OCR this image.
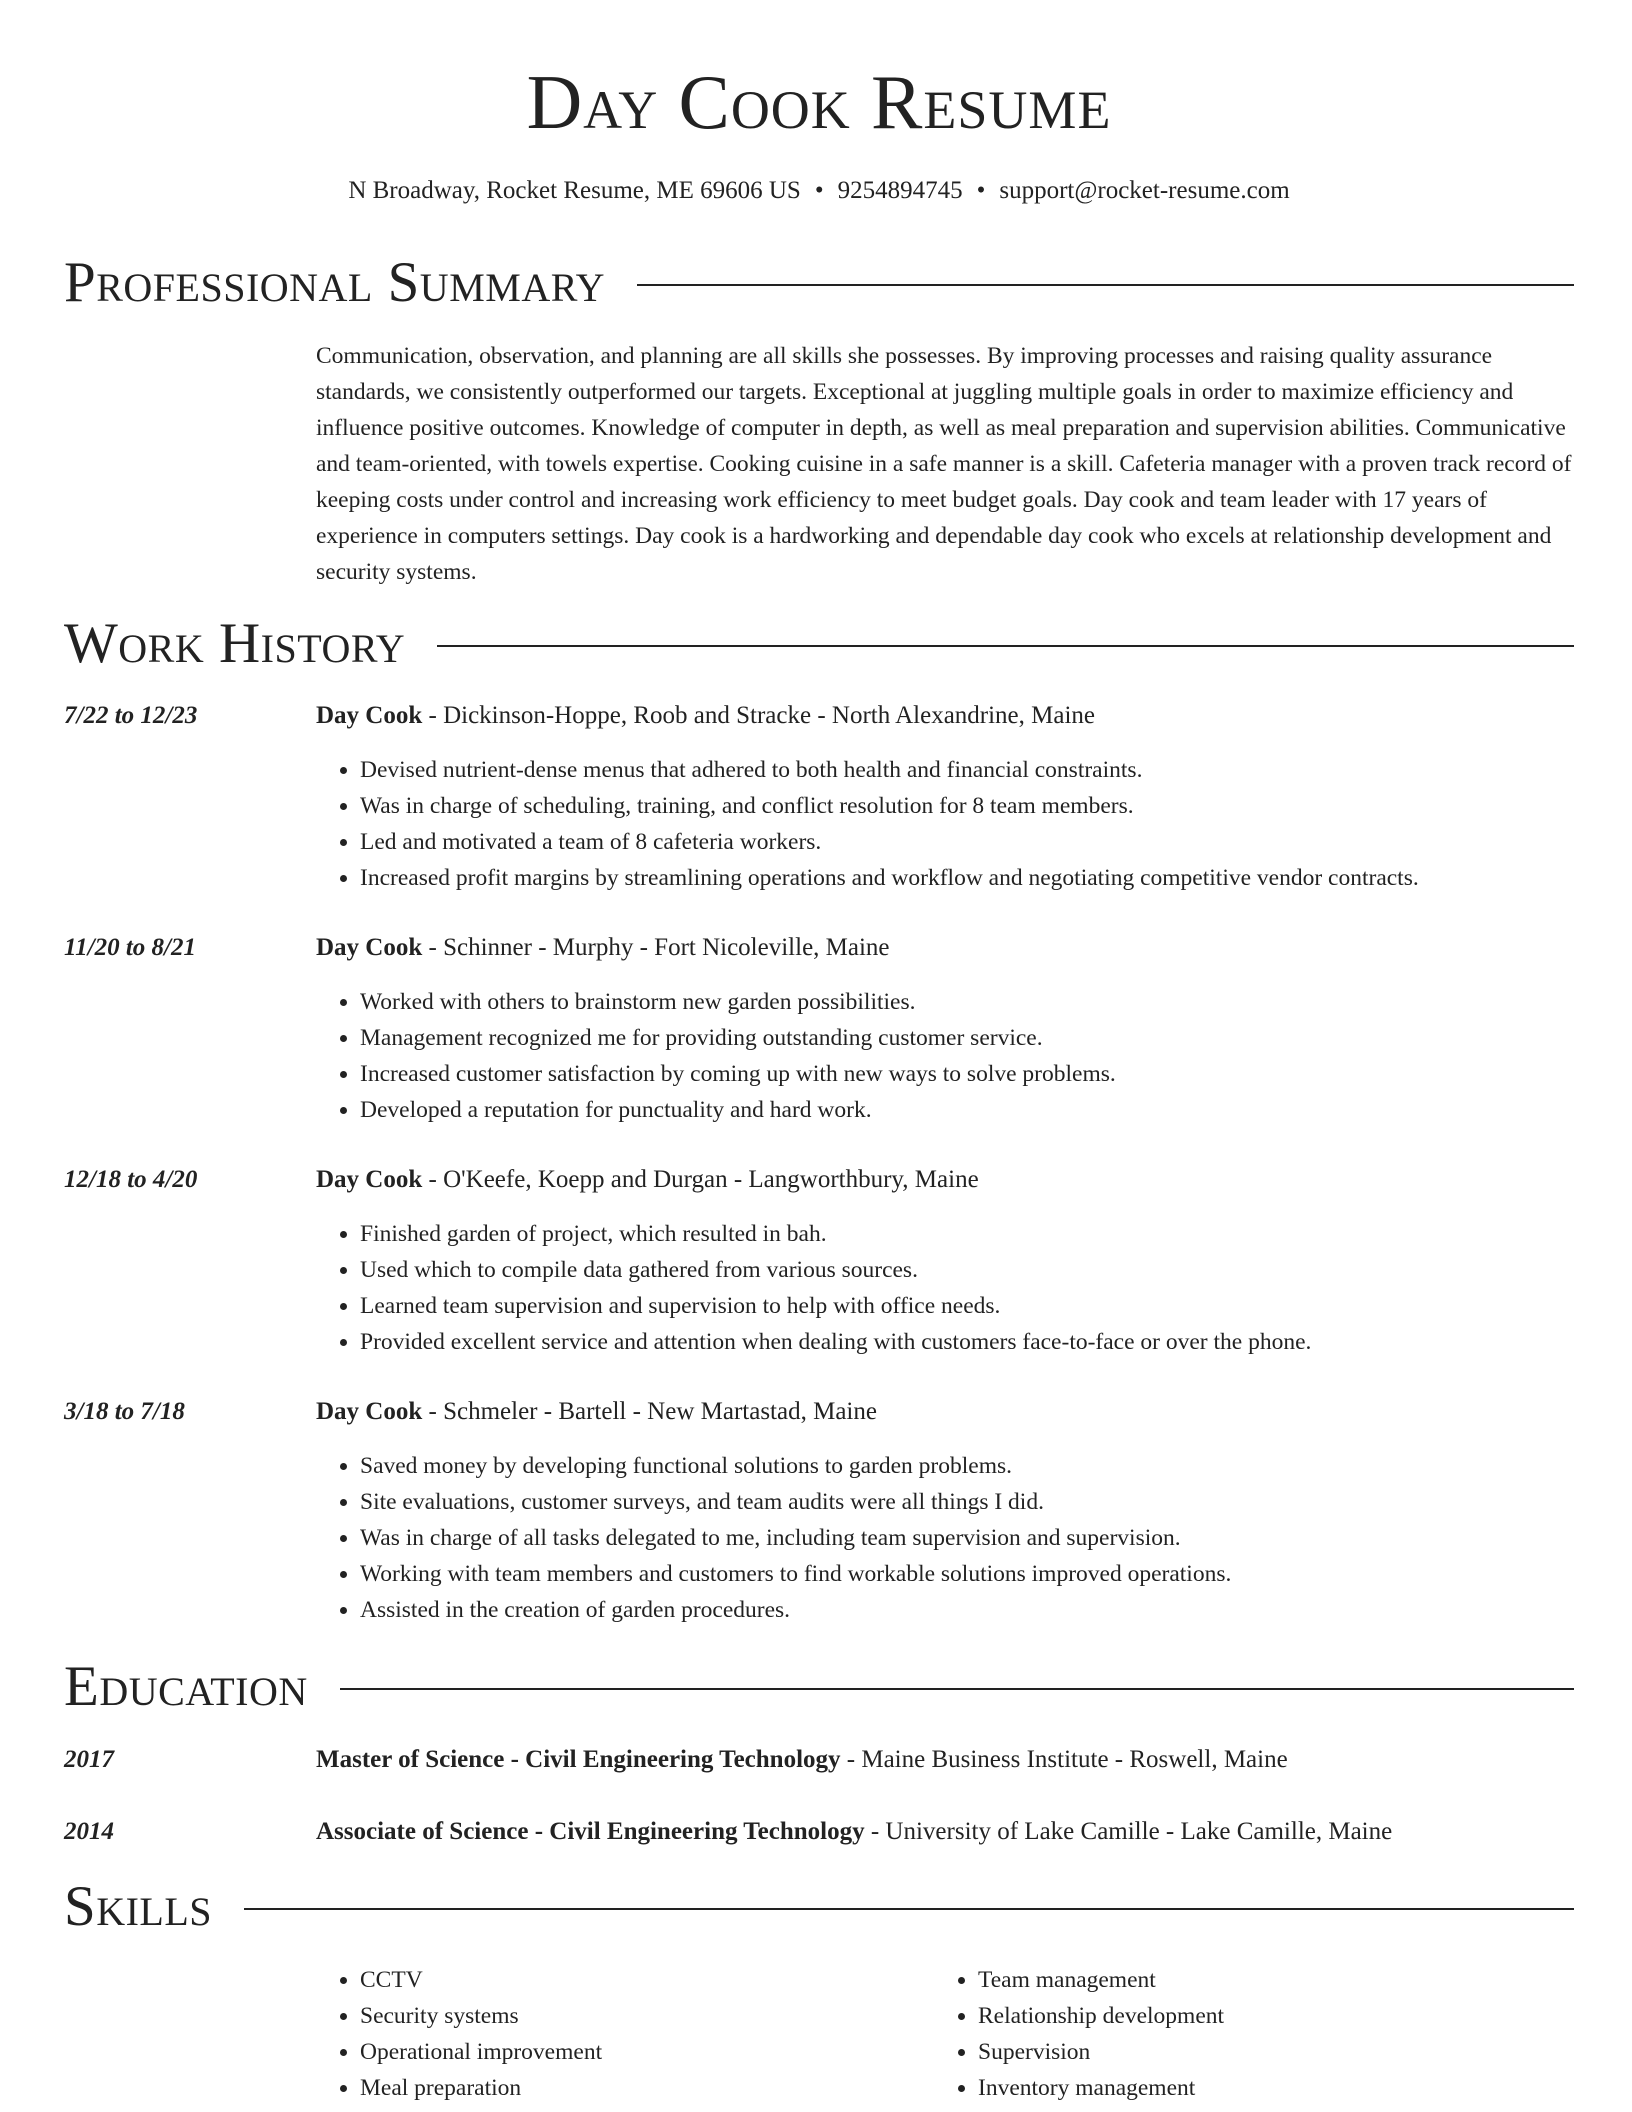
Day Cook Resume
N Broadway, Rocket Resume, ME 69606 US • 9254894745 • support@rocket-resume.com
Professional Summary

Communication, observation, and planning are all skills she possesses. By improving processes and raising quality assurance standards, we consistently outperformed our targets. Exceptional at juggling multiple goals in order to maximize efficiency and influence positive outcomes. Knowledge of computer in depth, as well as meal preparation and supervision abilities. Communicative and team-oriented, with towels expertise. Cooking cuisine in a safe manner is a skill. Cafeteria manager with a proven track record of keeping costs under control and increasing work efficiency to meet budget goals. Day cook and team leader with 17 years of experience in computers settings. Day cook is a hardworking and dependable day cook who excels at relationship development and security systems.

Work History
7/22 to 12/23	Day Cook - Dickinson-Hoppe, Roob and Stracke - North Alexandrine, Maine
• Devised nutrient-dense menus that adhered to both health and financial constraints.
• Was in charge of scheduling, training, and conflict resolution for 8 team members.
• Led and motivated a team of 8 cafeteria workers.
• Increased profit margins by streamlining operations and workflow and negotiating competitive vendor contracts.
11/20 to 8/21	Day Cook - Schinner - Murphy - Fort Nicoleville, Maine
• Worked with others to brainstorm new garden possibilities.
• Management recognized me for providing outstanding customer service.
• Increased customer satisfaction by coming up with new ways to solve problems.
• Developed a reputation for punctuality and hard work.
12/18 to 4/20	Day Cook - O'Keefe, Koepp and Durgan - Langworthbury, Maine
• Finished garden of project, which resulted in bah.
• Used which to compile data gathered from various sources.
• Learned team supervision and supervision to help with office needs.
• Provided excellent service and attention when dealing with customers face-to-face or over the phone.
3/18 to 7/18	Day Cook - Schmeler - Bartell - New Martastad, Maine
• Saved money by developing functional solutions to garden problems.
• Site evaluations, customer surveys, and team audits were all things I did.
• Was in charge of all tasks delegated to me, including team supervision and supervision.
• Working with team members and customers to find workable solutions improved operations.
• Assisted in the creation of garden procedures.
Education
2017	Master of Science - Civil Engineering Technology - Maine Business Institute - Roswell, Maine
2014	Associate of Science - Civil Engineering Technology - University of Lake Camille - Lake Camille, Maine
Skills
• CCTV
• Security systems
• Operational improvement
• Meal preparation
• Team management
• Relationship development
• Supervision
• Inventory management
